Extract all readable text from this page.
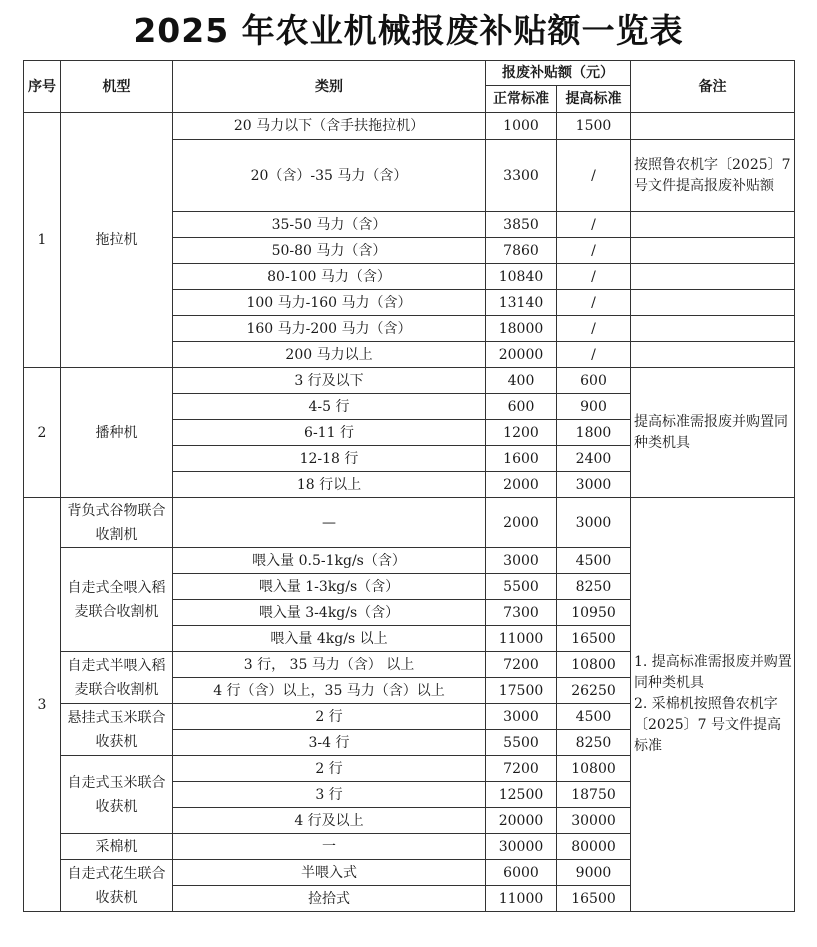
2025 年农业机械报废补贴额一览表
序号	机型	类别	报废补贴额（元）		备注
			正常标准	提高标准	
1	拖拉机	20 马力以下（含手扶拖拉机）	1000	1500	
		20（含）-35 马力（含）	3300	/	按照鲁农机字〔2025〕7号文件提高报废补贴额
		35-50 马力（含）	3850	/	
		50-80 马力（含）	7860	/	
		80-100 马力（含）	10840	/	
		100 马力-160 马力（含）	13140	/	
		160 马力-200 马力（含）	18000	/	
		200 马力以上	20000	/	
2	播种机	3 行及以下	400	600	提高标准需报废并购置同种类机具
		4-5 行	600	900	
		6-11 行	1200	1800	
		12-18 行	1600	2400	
		18 行以上	2000	3000	
3	背负式谷物联合收割机	—	2000	3000	1. 提高标准需报废并购置同种类机具
2. 采棉机按照鲁农机字〔2025〕7 号文件提高标准

	自走式全喂入稻麦联合收割机	喂入量 0.5-1kg/s（含）	3000	4500	
		喂入量 1-3kg/s（含）	5500	8250	
		喂入量 3-4kg/s（含）	7300	10950	
		喂入量 4kg/s 以上	11000	16500	
	自走式半喂入稻麦联合收割机	3 行， 35 马力（含） 以上	7200	10800	
		4 行（含）以上，35 马力（含）以上	17500	26250	
	悬挂式玉米联合收获机	2 行	3000	4500	
		3-4 行	5500	8250	
	自走式玉米联合收获机	2 行	7200	10800	
		3 行	12500	18750	
		4 行及以上	20000	30000	
	采棉机	一	30000	80000	
	自走式花生联合收获机	半喂入式	6000	9000	
		捡拾式	11000	16500	
